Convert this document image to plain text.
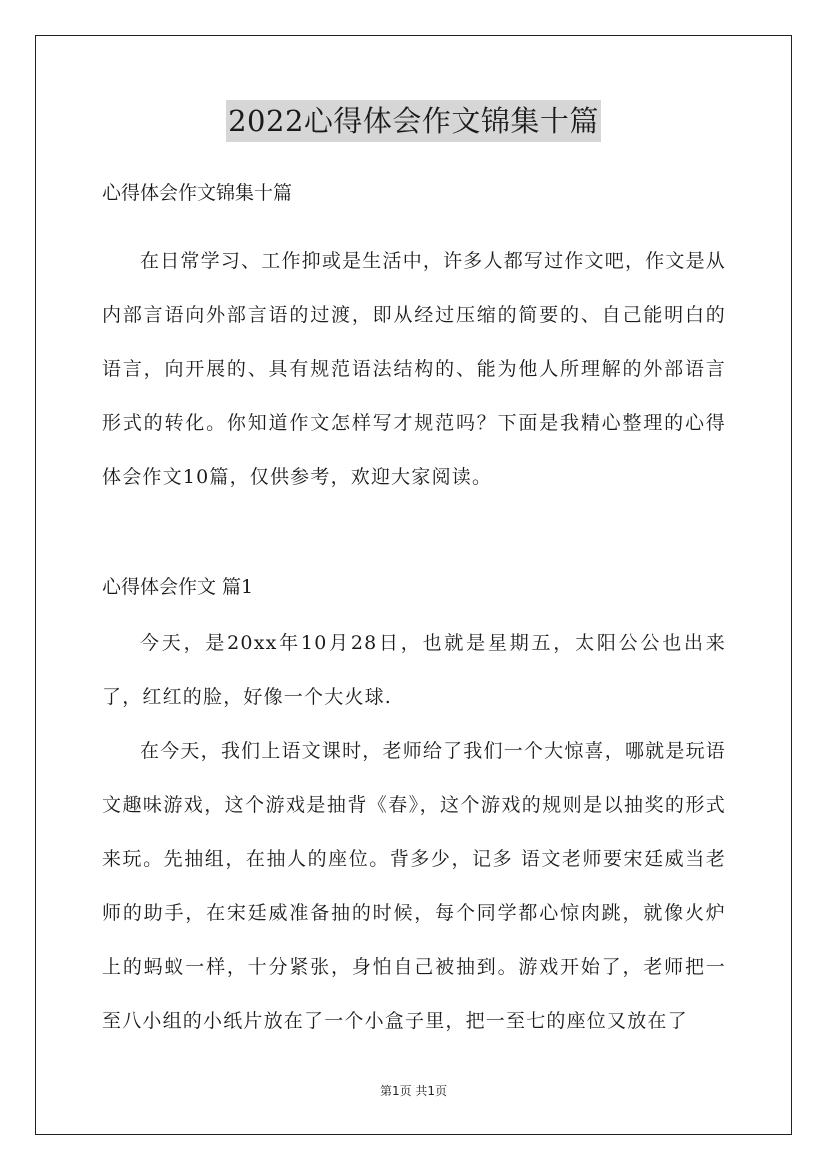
2022心得体会作文锦集十篇

心得体会作文锦集十篇

在日常学习、工作抑或是生活中，许多人都写过作文吧，作文是从内部言语向外部言语的过渡，即从经过压缩的简要的、自己能明白的语言，向开展的、具有规范语法结构的、能为他人所理解的外部语言形式的转化。你知道作文怎样写才规范吗？下面是我精心整理的心得体会作文10篇，仅供参考，欢迎大家阅读。

心得体会作文 篇1

今天，是20xx年10月28日，也就是星期五，太阳公公也出来了，红红的脸，好像一个大火球.

在今天，我们上语文课时，老师给了我们一个大惊喜，哪就是玩语文趣味游戏，这个游戏是抽背《春》，这个游戏的规则是以抽奖的形式来玩。先抽组，在抽人的座位。背多少，记多 语文老师要宋廷威当老师的助手，在宋廷威准备抽的时候，每个同学都心惊肉跳，就像火炉上的蚂蚁一样，十分紧张，身怕自己被抽到。游戏开始了，老师把一至八小组的小纸片放在了一个小盒子里，把一至七的座位又放在了

第1页 共1页
